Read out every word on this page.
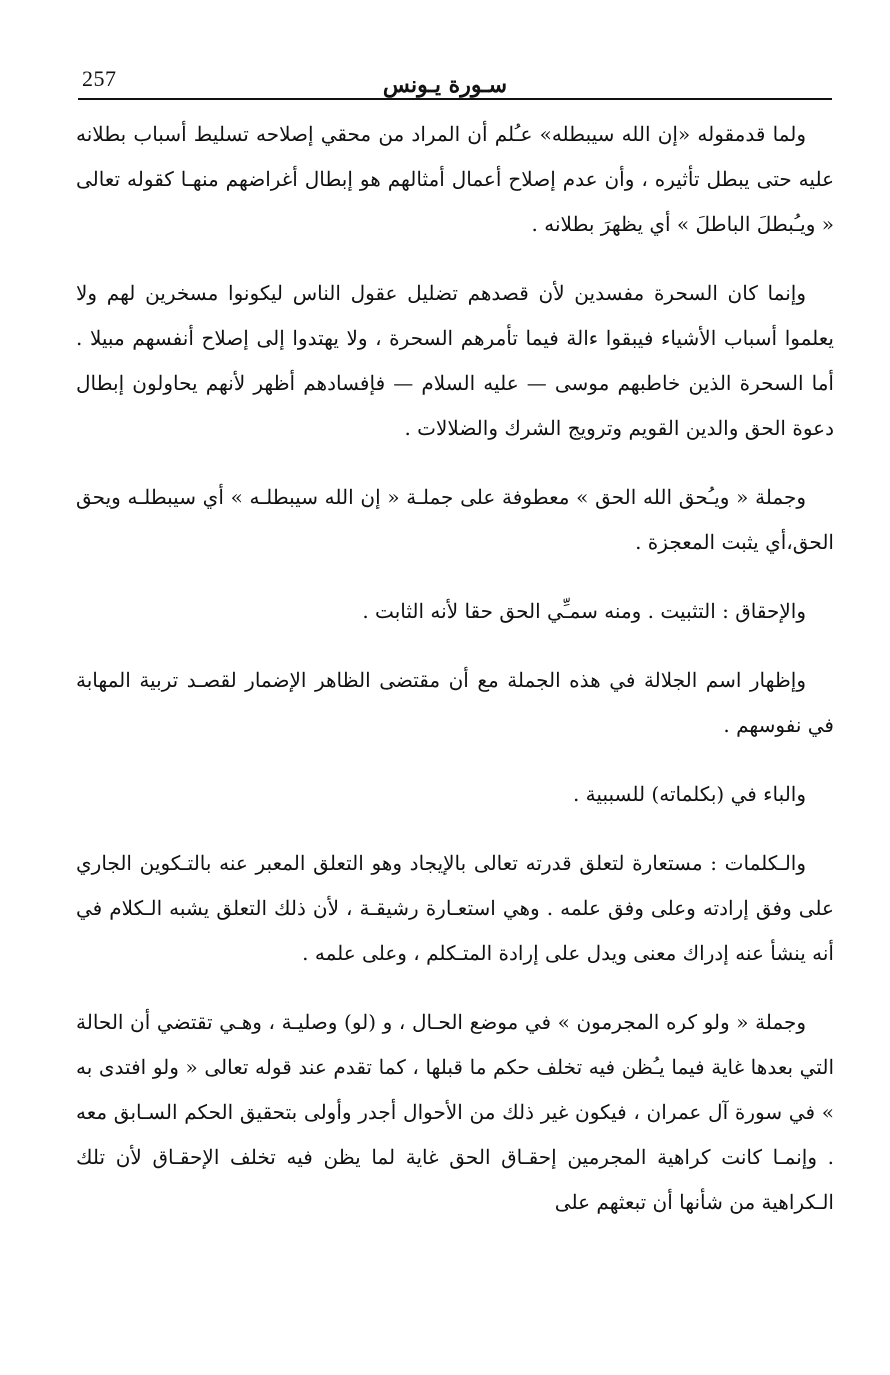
257	سـورة يـونس

ولما قدمقوله «إن الله سيبطله» عـُلم أن المراد من محقي إصلاحه تسليط أسباب بطلانه عليه حتى يبطل تأثيره ، وأن عدم إصلاح أعمال أمثالهم هو إبطال أغراضهم منهـا كقوله تعالى « ويـُبطلَ الباطلَ » أي يظهرَ بطلانه .

وإنما كان السحرة مفسدين لأن قصدهم تضليل عقول الناس ليكونوا مسخرين لهم ولا يعلموا أسباب الأشياء فيبقوا ءالة فيما تأمرهم السحرة ، ولا يهتدوا إلى إصلاح أنفسهم مبيلا . أما السحرة الذين خاطبهم موسى — عليه السلام — فإفسادهم أظهر لأنهم يحاولون إبطال دعوة الحق والدين القويم وترويج الشرك والضلالات .

وجملة « ويـُحق الله الحق » معطوفة على جملـة « إن الله سيبطلـه » أي سيبطلـه ويحق الحق،أي يثبت المعجزة .

والإحقاق : التثبيت . ومنه سمـِّي الحق حقا لأنه الثابت .

وإظهار اسم الجلالة في هذه الجملة مع أن مقتضى الظاهر الإضمار لقصـد تربية المهابة في نفوسهم .

والباء في (بكلماته) للسببية .

والـكلمات : مستعارة لتعلق قدرته تعالى بالإيجاد وهو التعلق المعبر عنه بالتـكوين الجاري على وفق إرادته وعلى وفق علمه . وهي استعـارة رشيقـة ، لأن ذلك التعلق يشبه الـكلام في أنه ينشأ عنه إدراك معنى ويدل على إرادة المتـكلم ، وعلى علمه .

وجملة « ولو كره المجرمون » في موضع الحـال ، و (لو) وصليـة ، وهـي تقتضي أن الحالة التي بعدها غاية فيما يـُظن فيه تخلف حكم ما قبلها ، كما تقدم عند قوله تعالى « ولو افتدى به » في سورة آل عمران ، فيكون غير ذلك من الأحوال أجدر وأولى بتحقيق الحكم السـابق معه . وإنمـا كانت كراهية المجرمين إحقـاق الحق غاية لما يظن فيه تخلف الإحقـاق لأن تلك الـكراهية من شأنها أن تبعثهم على
